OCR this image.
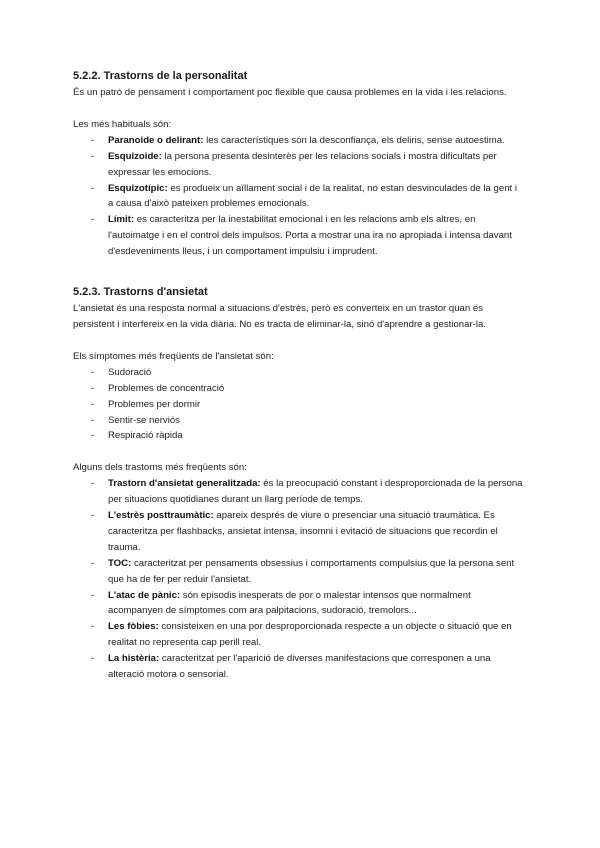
5.2.2. Trastorns de la personalitat

És un patró de pensament i comportament poc flexible que causa problemes en la vida i les relacions.

Les més habituals són:

- Paranoide o delirant: les característiques són la desconfiança, els deliris, sense autoestima.
- Esquizoide: la persona presenta desinterès per les relacions socials i mostra dificultats per expressar les emocions.
- Esquizotípic: es produeix un aïllament social i de la realitat, no estan desvinculades de la gent i a causa d'això pateixen problemes emocionals.
- Límit: es caracteritza per la inestabilitat emocional i en les relacions amb els altres, en l'autoimatge i en el control dels impulsos. Porta a mostrar una ira no apropiada i intensa davant d'esdeveniments lleus, i un comportament impulsiu i imprudent.
5.2.3. Trastorns d'ansietat

L'ansietat és una resposta normal a situacions d'estrès, però es converteix en un trastor quan és persistent i interfereix en la vida diària. No es tracta de eliminar-la, sinó d'aprendre a gestionar-la.

Els símptomes més freqüents de l'ansietat són:

- Sudoració
- Problemes de concentració
- Problemes per dormir
- Sentir-se nerviós
- Respiració ràpida

Alguns dels trastorns més freqüents són:

- Trastorn d'ansietat generalitzada: és la preocupació constant i desproporcionada de la persona per situacions quotidianes durant un llarg període de temps.
- L'estrès posttraumàtic: apareix després de viure o presenciar una situació traumàtica. Es caracteritza per flashbacks, ansietat intensa, insomni i evitació de situacions que recordin el trauma.
- TOC: caracteritzat per pensaments obsessius i comportaments compulsius que la persona sent que ha de fer per reduir l'ansietat.
- L'atac de pànic: són episodis inesperats de por o malestar intensos que normalment acompanyen de símptomes com ara palpitacions, sudoració, tremolors...
- Les fòbies: consisteixen en una por desproporcionada respecte a un objecte o situació que en realitat no representa cap perill real.
- La histèria: caracteritzat per l'aparició de diverses manifestacions que corresponen a una alteració motora o sensorial.
